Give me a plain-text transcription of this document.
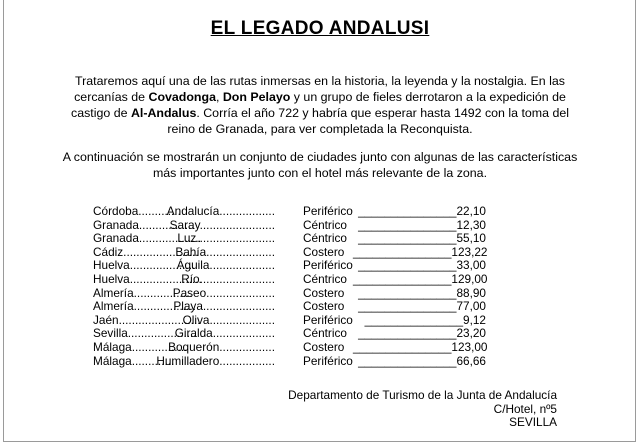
EL LEGADO ANDALUSI
Trataremos aquí una de las rutas inmersas en la historia, la leyenda y la nostalgia. En las cercanías de Covadonga, Don Pelayo y un grupo de fieles derrotaron a la expedición de castigo de Al-Andalus. Corría el año 722 y habría que esperar hasta 1492 con la toma del reino de Granada, para ver completada la Reconquista.
A continuación se mostrarán un conjunto de ciudades junto con algunas de las características más importantes junto con el hotel más relevante de la zona.
Córdoba.............
Andalucía................. Periférico _______________22,10
Granada.................
Saray....................... Céntrico _______________12,30
Granada...................
Luz........................ Céntrico _______________55,10
Cádiz.......................
Bahía..................... Costero _______________123,22
Huelva....................
Águila.................... Periférico _______________33,00
Huelva......................
Río....................... Céntrico _______________129,00
Almería..................
Paseo..................... Costero	_______________88,90
Almería...................
Playa...................... Costero	_______________77,00
Jaén.........................
Oliva.................... Periférico _______________9,12
Sevilla.....................
Giralda................... Céntrico _______________23,20
Málaga.................
Boquerón................. Costero _______________123,00
Málaga.............
Humilladero................. Periférico _______________66,66
Departamento de Turismo de la Junta de Andalucía
C/Hotel, nº5
SEVILLA
